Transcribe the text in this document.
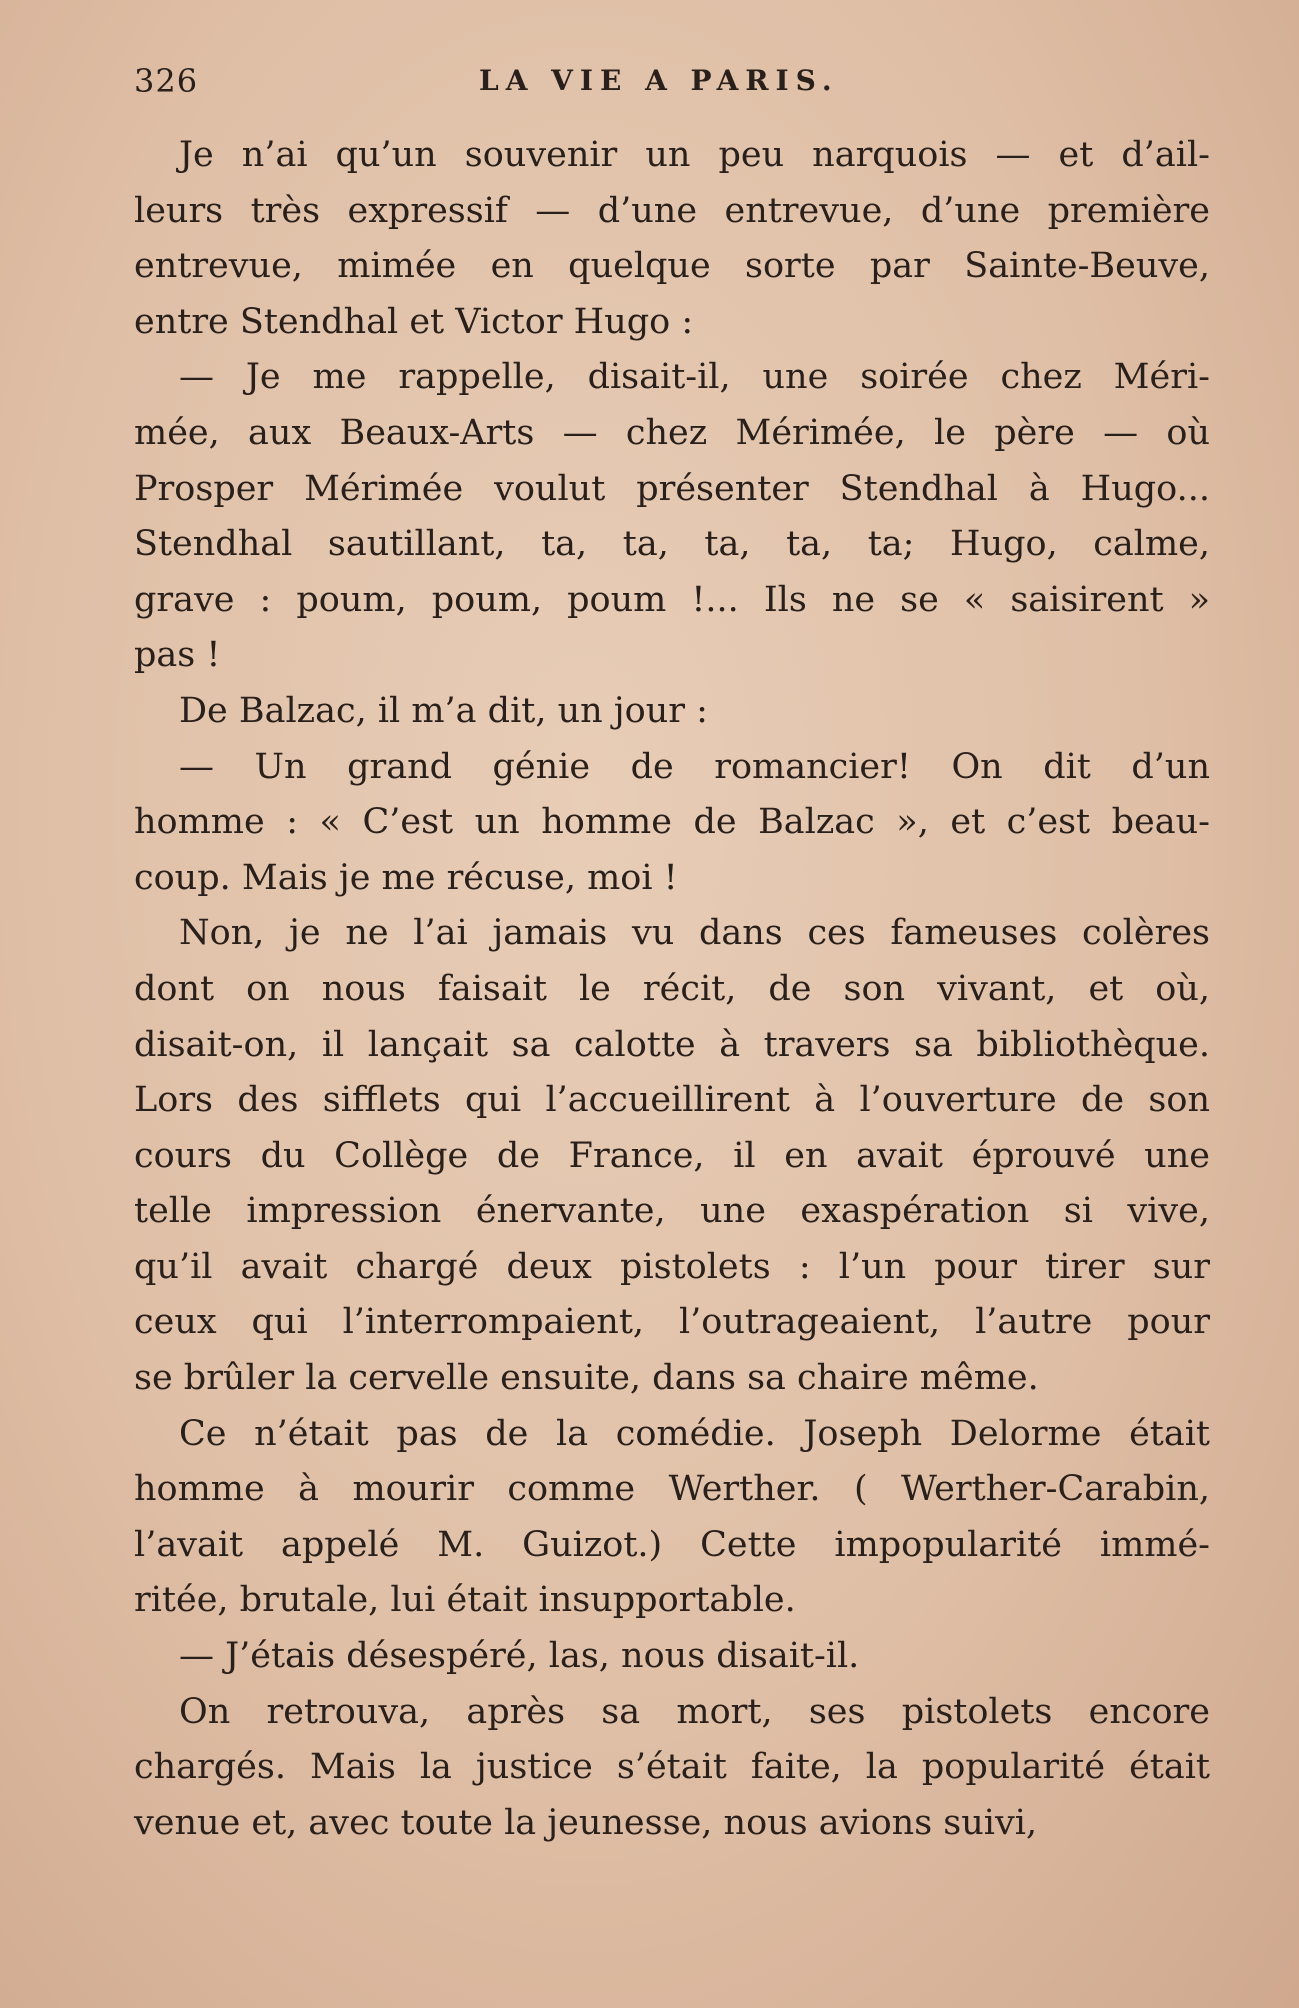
326	LA VIE A PARIS.

Je n’ai qu’un souvenir un peu narquois — et d’ail-
leurs très expressif — d’une entrevue, d’une première
entrevue, mimée en quelque sorte par Sainte-Beuve,
entre Stendhal et Victor Hugo :

— Je me rappelle, disait-il, une soirée chez Méri-
mée, aux Beaux-Arts — chez Mérimée, le père — où
Prosper Mérimée voulut présenter Stendhal à Hugo...
Stendhal sautillant, ta, ta, ta, ta, ta; Hugo, calme,
grave : poum, poum, poum !... Ils ne se « saisirent »
pas !

De Balzac, il m’a dit, un jour :

— Un grand génie de romancier! On dit d’un
homme : « C’est un homme de Balzac », et c’est beau-
coup. Mais je me récuse, moi !

Non, je ne l’ai jamais vu dans ces fameuses colères
dont on nous faisait le récit, de son vivant, et où,
disait-on, il lançait sa calotte à travers sa bibliothèque.
Lors des sifflets qui l’accueillirent à l’ouverture de son
cours du Collège de France, il en avait éprouvé une
telle impression énervante, une exaspération si vive,
qu’il avait chargé deux pistolets : l’un pour tirer sur
ceux qui l’interrompaient, l’outrageaient, l’autre pour
se brûler la cervelle ensuite, dans sa chaire même.

Ce n’était pas de la comédie. Joseph Delorme était
homme à mourir comme Werther. ( Werther-Carabin,
l’avait appelé M. Guizot.) Cette impopularité immé-
ritée, brutale, lui était insupportable.

— J’étais désespéré, las, nous disait-il.

On retrouva, après sa mort, ses pistolets encore
chargés. Mais la justice s’était faite, la popularité était
venue et, avec toute la jeunesse, nous avions suivi,
